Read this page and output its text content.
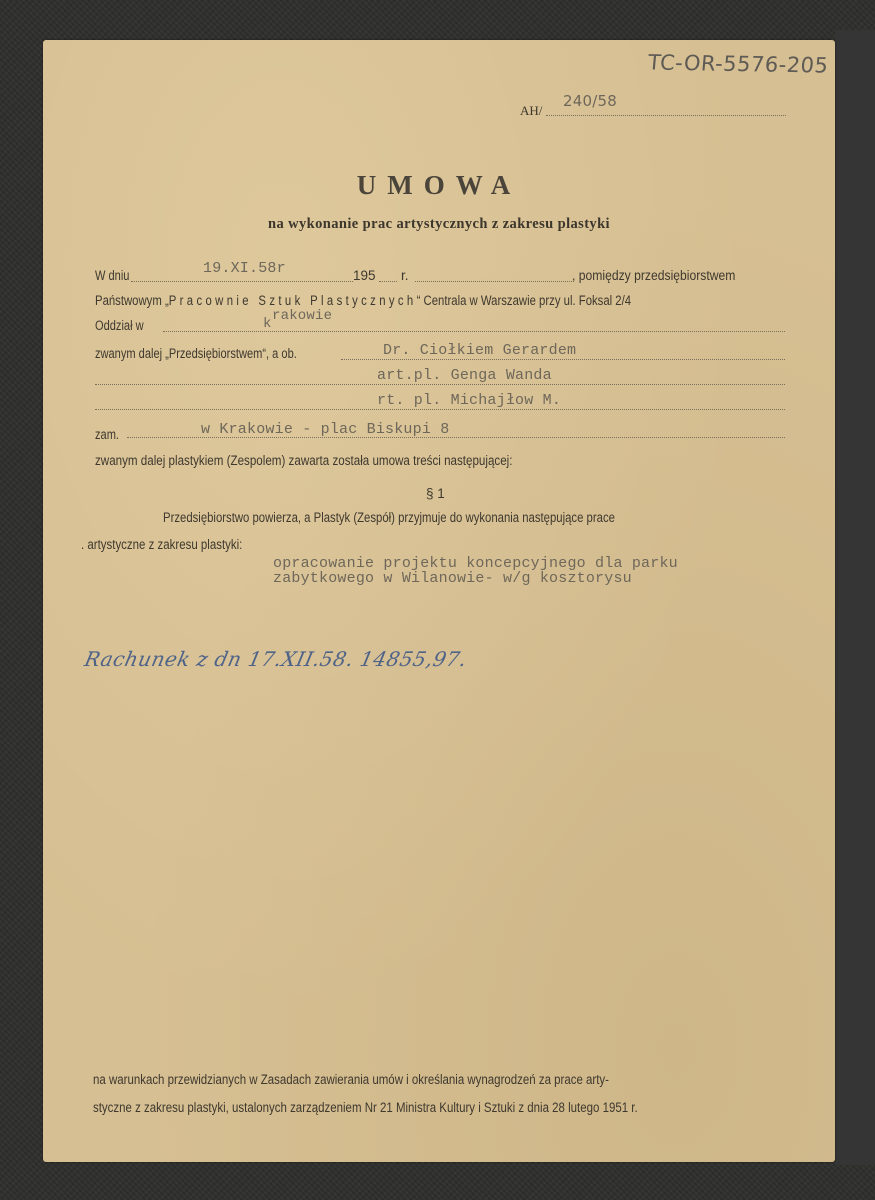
TC-OR-5576-205
AH/
240/58
UMOWA
na wykonanie prac artystycznych z zakresu plastyki
W dniu	19.XI.58r	195 r.	, pomiędzy przedsiębiorstwem
Państwowym „Pracownie Sztuk Plastycznych“ Centrala w Warszawie przy ul. Foksal 2/4
Oddział w	k rakowie
zwanym dalej „Przedsiębiorstwem“, a ob.	Dr. Ciołkiem Gerardem
art.pl. Genga Wanda
rt. pl. Michajłow M.
zam.	w Krakowie - plac Biskupi 8
zwanym dalej plastykiem (Zespolem) zawarta została umowa treści następującej:
§ 1
Przedsiębiorstwo powierza, a Plastyk (Zespół) przyjmuje do wykonania następujące prace
. artystyczne z zakresu plastyki:
opracowanie projektu koncepcyjnego dla parku
zabytkowego w Wilanowie- w/g kosztorysu
Rachunek z dn 17.XII.58. 14855,97.
na warunkach przewidzianych w Zasadach zawierania umów i określania wynagrodzeń za prace arty-
styczne z zakresu plastyki, ustalonych zarządzeniem Nr 21 Ministra Kultury i Sztuki z dnia 28 lutego 1951 r.
